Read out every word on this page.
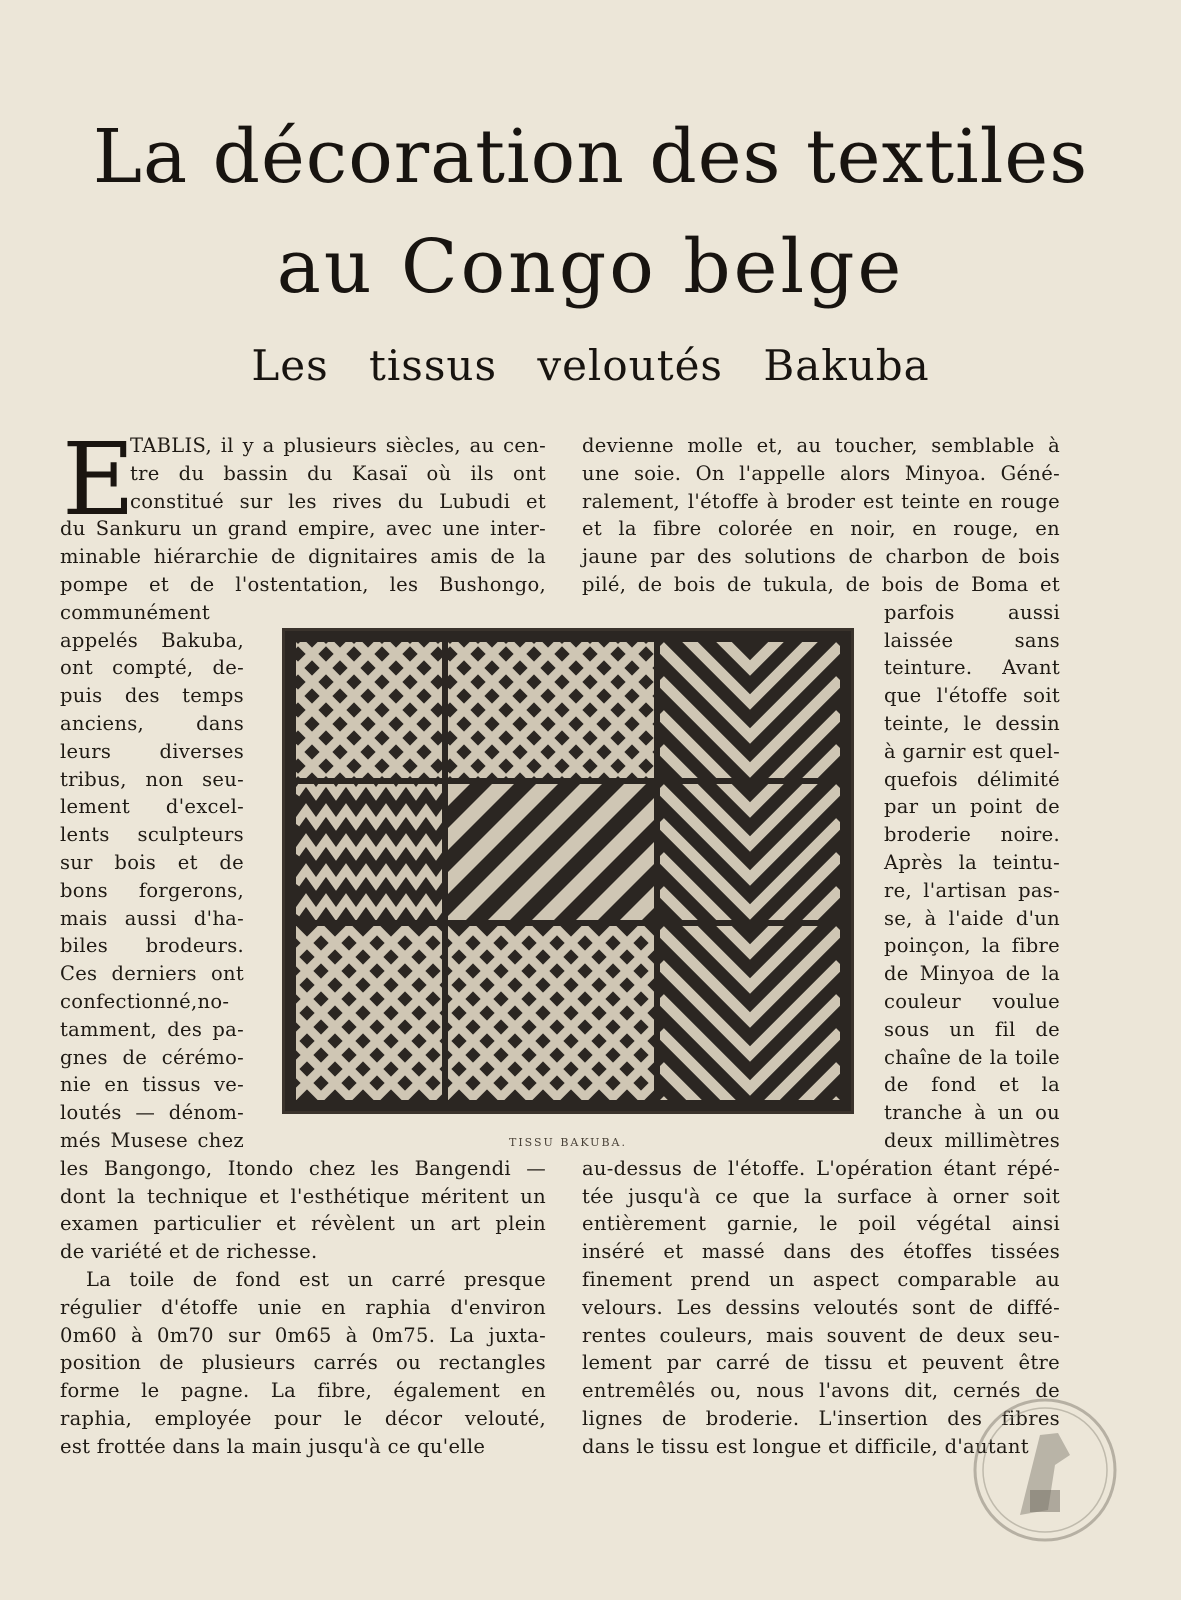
La décoration des textiles
au Congo belge
Les tissus veloutés Bakuba
E
TABLIS, il y a plusieurs siècles, au cen-
tre du bassin du Kasaï où ils ont
constitué sur les rives du Lubudi et
du Sankuru un grand empire, avec une inter-
minable hiérarchie de dignitaires amis de la
pompe et de l'ostentation, les Bushongo,
communément
appelés Bakuba,
ont compté, de-
puis des temps
anciens, dans
leurs diverses
tribus, non seu-
lement d'excel-
lents sculpteurs
sur bois et de
bons forgerons,
mais aussi d'ha-
biles brodeurs.
Ces derniers ont
confectionné,no-
tamment, des pa-
gnes de cérémo-
nie en tissus ve-
loutés — dénom-
més Musese chez
les Bangongo, Itondo chez les Bangendi —
dont la technique et l'esthétique méritent un
examen particulier et révèlent un art plein
de variété et de richesse.
La toile de fond est un carré presque
régulier d'étoffe unie en raphia d'environ
0m60 à 0m70 sur 0m65 à 0m75. La juxta-
position de plusieurs carrés ou rectangles
forme le pagne. La fibre, également en
raphia, employée pour le décor velouté,
est frottée dans la main jusqu'à ce qu'elle
devienne molle et, au toucher, semblable à
une soie. On l'appelle alors Minyoa. Géné-
ralement, l'étoffe à broder est teinte en rouge
et la fibre colorée en noir, en rouge, en
jaune par des solutions de charbon de bois
pilé, de bois de tukula, de bois de Boma et
parfois aussi
laissée sans
teinture. Avant
que l'étoffe soit
teinte, le dessin
à garnir est quel-
quefois délimité
par un point de
broderie noire.
Après la teintu-
re, l'artisan pas-
se, à l'aide d'un
poinçon, la fibre
de Minyoa de la
couleur voulue
sous un fil de
chaîne de la toile
de fond et la
tranche à un ou
deux millimètres
au-dessus de l'étoffe. L'opération étant répé-
tée jusqu'à ce que la surface à orner soit
entièrement garnie, le poil végétal ainsi
inséré et massé dans des étoffes tissées
finement prend un aspect comparable au
velours. Les dessins veloutés sont de diffé-
rentes couleurs, mais souvent de deux seu-
lement par carré de tissu et peuvent être
entremêlés ou, nous l'avons dit, cernés de
lignes de broderie. L'insertion des fibres
dans le tissu est longue et difficile, d'autant
TISSU BAKUBA.
